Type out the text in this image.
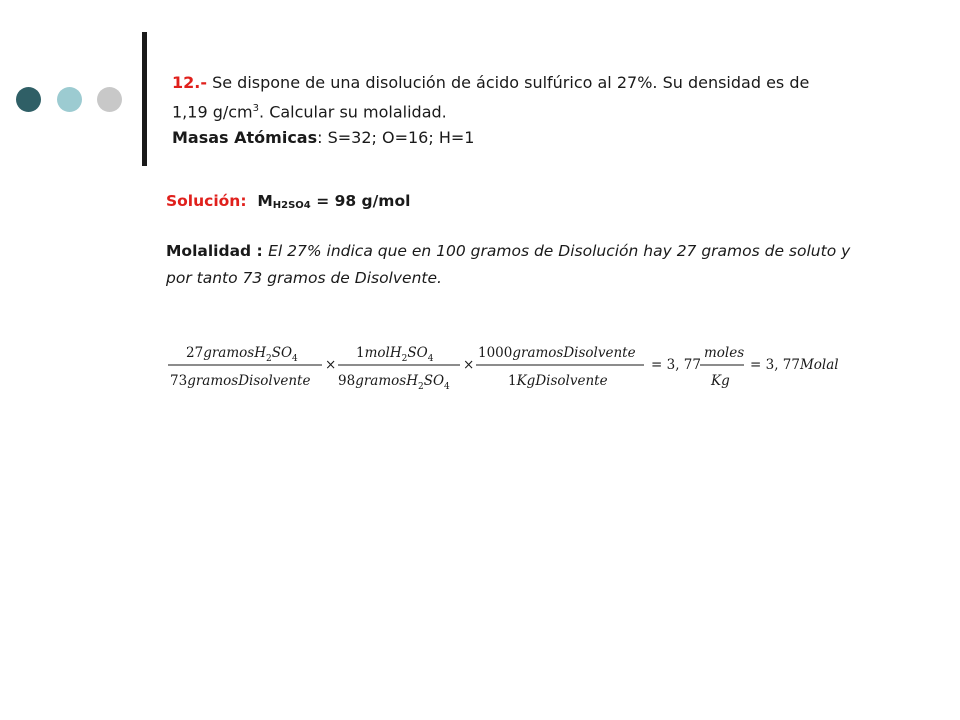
12.- Se dispone de una disolución de ácido sulfúrico al 27%. Su densidad es de
1,19 $g/cm^3$. Calcular su molalidad.
Masas Atómicas: S=32; O=16; H=1
Solución: $M_{H2SO4} = 98$ g/mol
Molalidad : El 27% indica que en 100 gramos de Disolución hay 27 gramos de soluto y por tanto 73 gramos de Disolvente.
$27gramosH_2SO_4$
73gramosDisolvente
×
$1molH_2SO_4$
$98gramosH_2SO_4$
×
1000gramosDisolvente
1KgDisolvente
= 3, 77
moles
Kg
= 3, 77Molal
